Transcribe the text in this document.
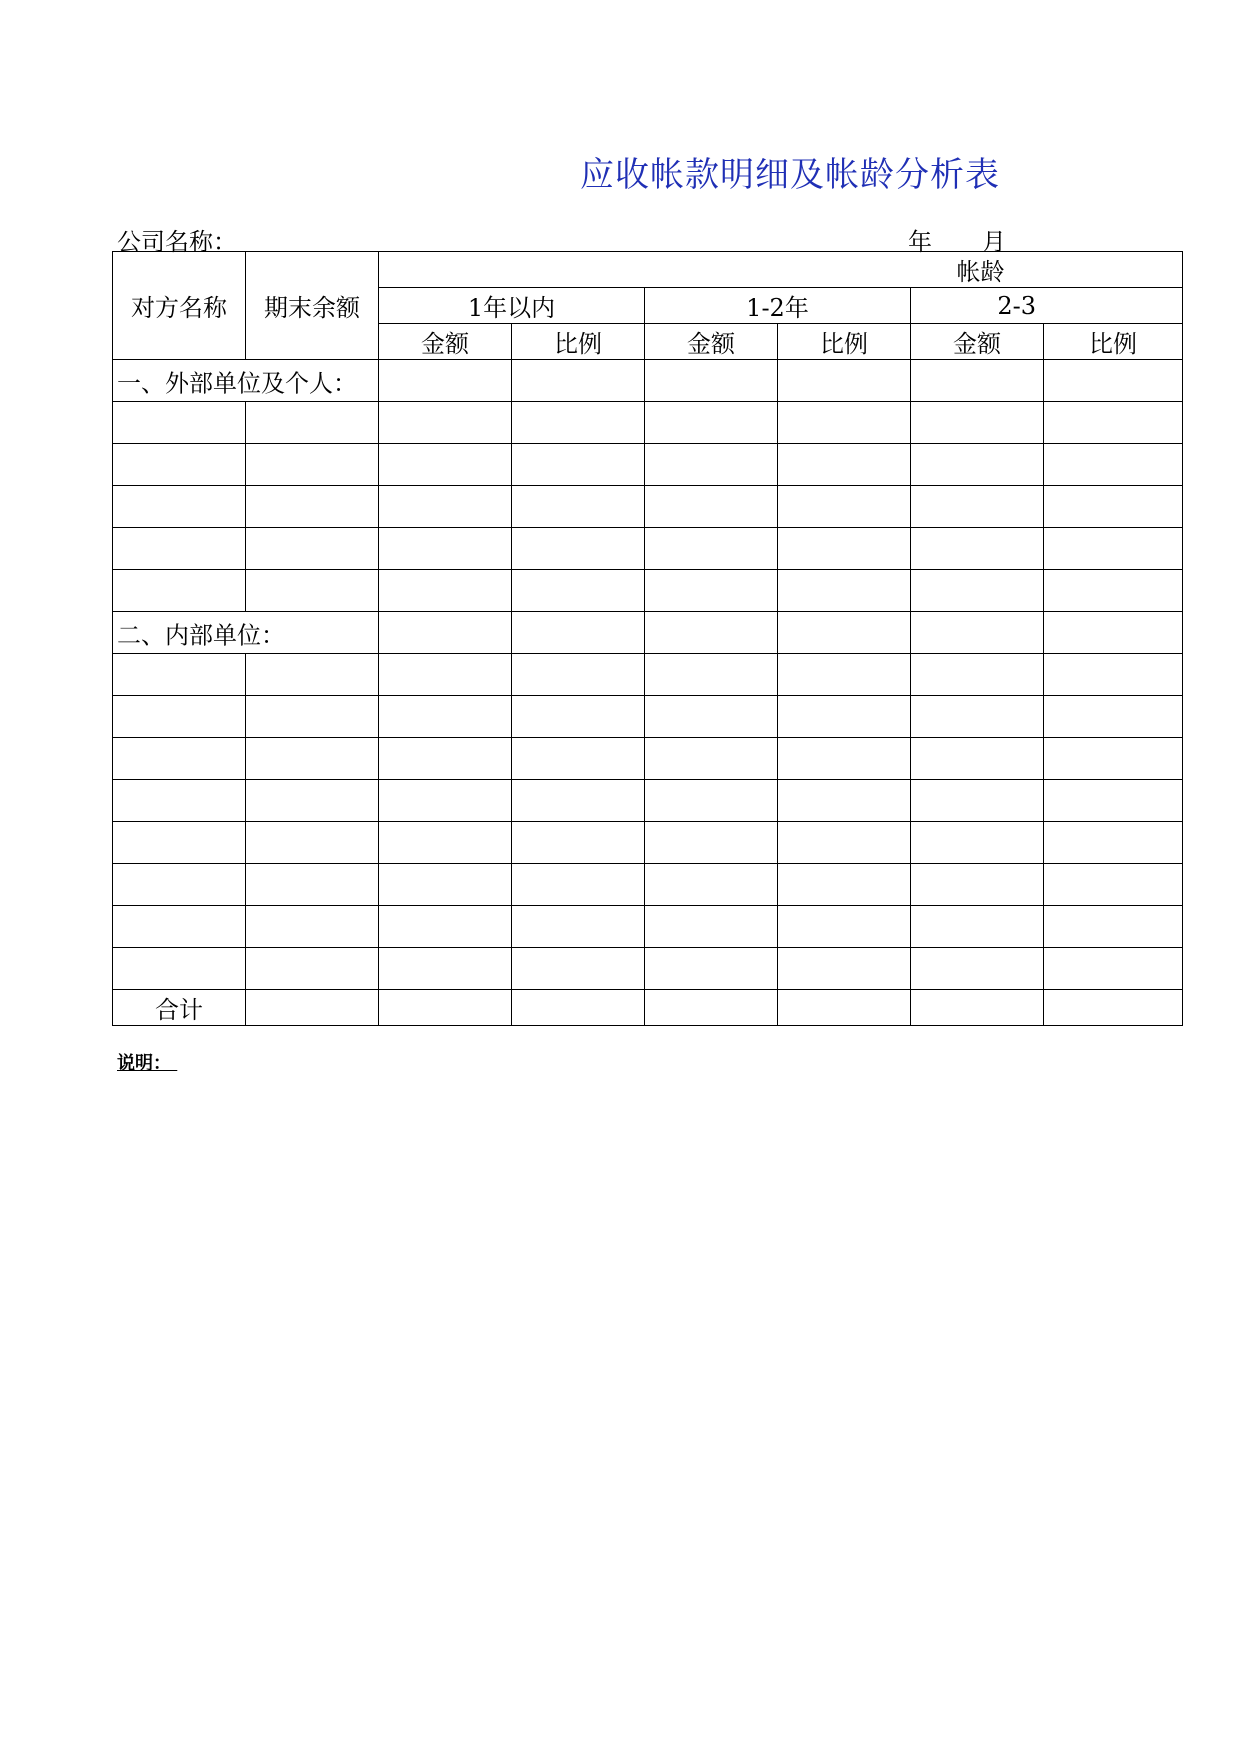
应收帐款明细及帐龄分析表
公司名称：	年 月
对方名称	期末余额	帐龄					
		1年以内		1-2年		2-3	
		金额	比例	金额	比例	金额	比例

一、外部单位及个人：							

二、内部单位：							

合计							
说明：
